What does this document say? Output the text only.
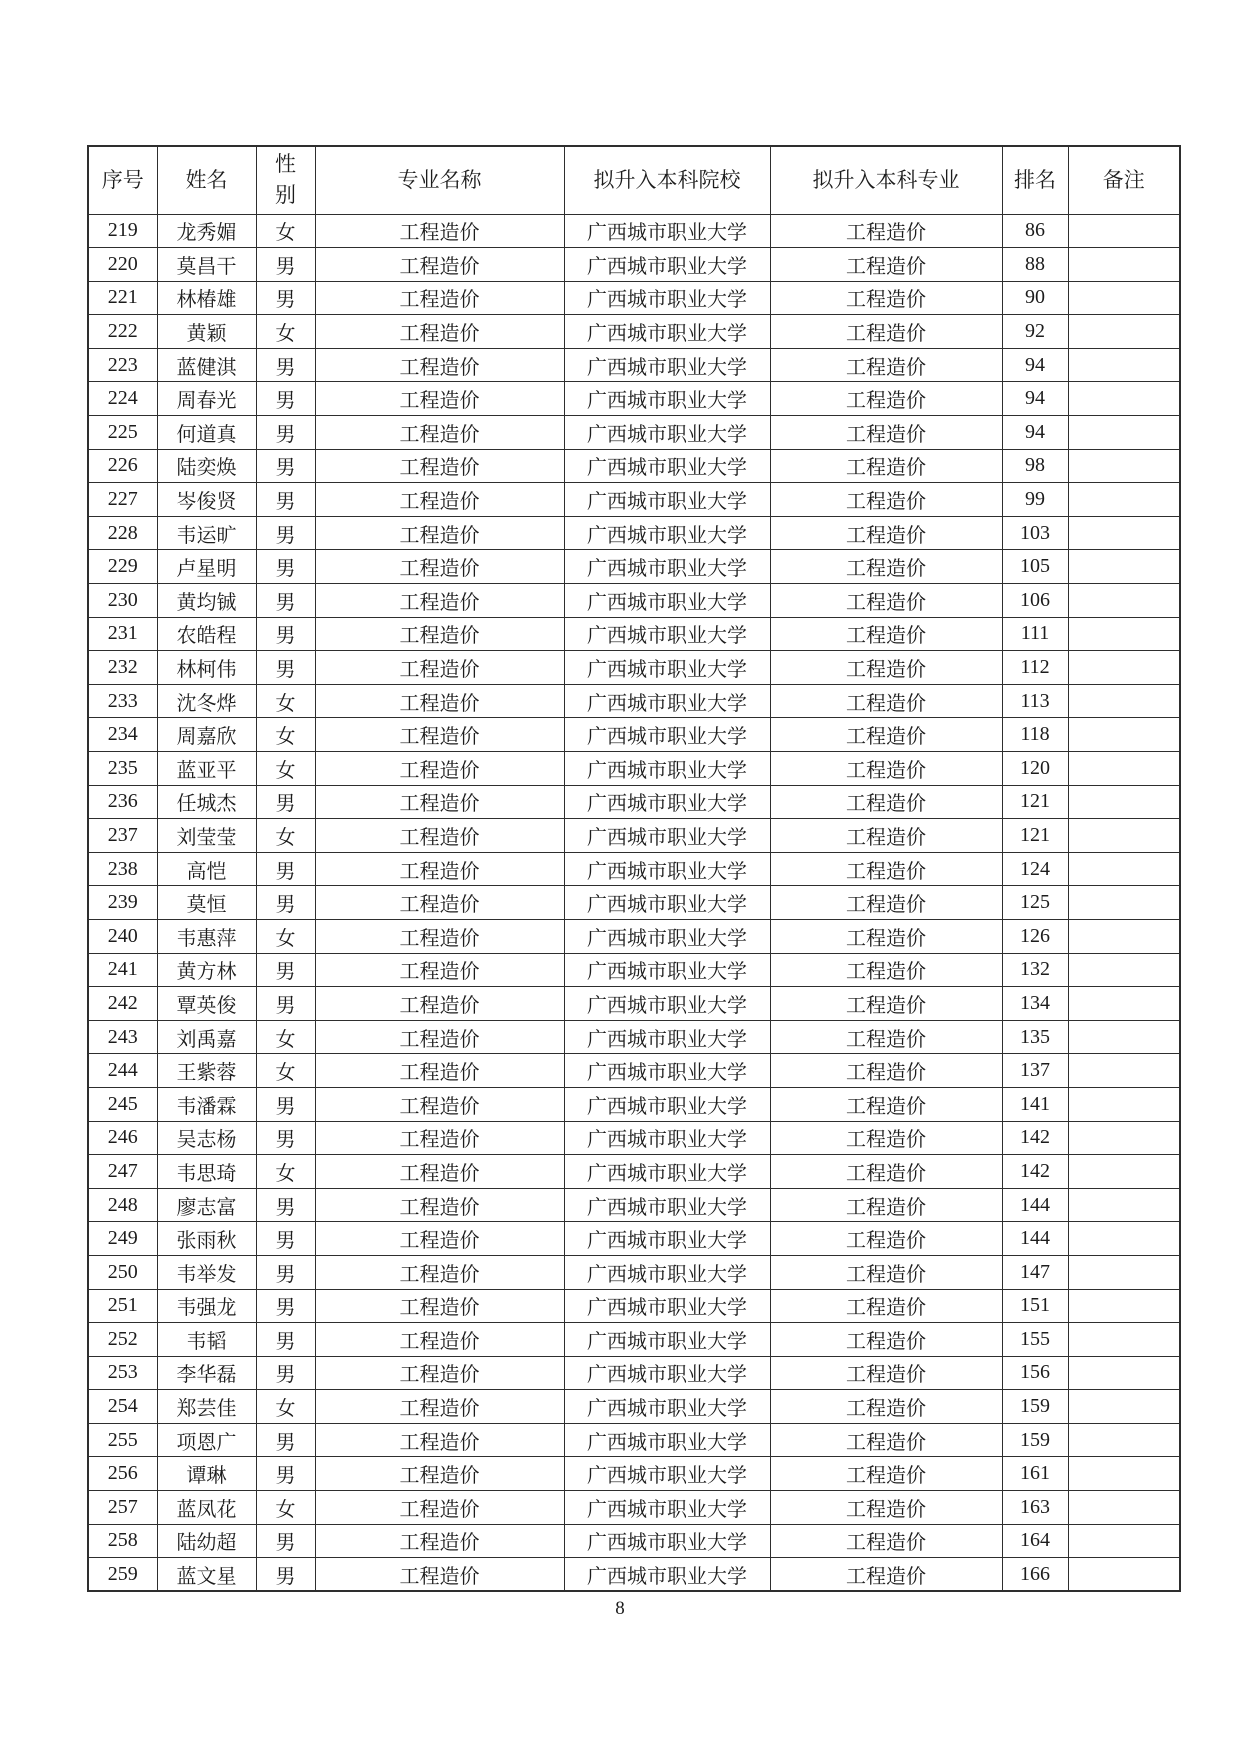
序号	姓名	性别	专业名称	拟升入本科院校	拟升入本科专业	排名	备注
219	龙秀媚	女	工程造价	广西城市职业大学	工程造价	86	
220	莫昌干	男	工程造价	广西城市职业大学	工程造价	88	
221	林椿雄	男	工程造价	广西城市职业大学	工程造价	90	
222	黄颖	女	工程造价	广西城市职业大学	工程造价	92	
223	蓝健淇	男	工程造价	广西城市职业大学	工程造价	94	
224	周春光	男	工程造价	广西城市职业大学	工程造价	94	
225	何道真	男	工程造价	广西城市职业大学	工程造价	94	
226	陆奕焕	男	工程造价	广西城市职业大学	工程造价	98	
227	岑俊贤	男	工程造价	广西城市职业大学	工程造价	99	
228	韦运旷	男	工程造价	广西城市职业大学	工程造价	103	
229	卢星明	男	工程造价	广西城市职业大学	工程造价	105	
230	黄均铖	男	工程造价	广西城市职业大学	工程造价	106	
231	农皓程	男	工程造价	广西城市职业大学	工程造价	111	
232	林柯伟	男	工程造价	广西城市职业大学	工程造价	112	
233	沈冬烨	女	工程造价	广西城市职业大学	工程造价	113	
234	周嘉欣	女	工程造价	广西城市职业大学	工程造价	118	
235	蓝亚平	女	工程造价	广西城市职业大学	工程造价	120	
236	任城杰	男	工程造价	广西城市职业大学	工程造价	121	
237	刘莹莹	女	工程造价	广西城市职业大学	工程造价	121	
238	高恺	男	工程造价	广西城市职业大学	工程造价	124	
239	莫恒	男	工程造价	广西城市职业大学	工程造价	125	
240	韦惠萍	女	工程造价	广西城市职业大学	工程造价	126	
241	黄方林	男	工程造价	广西城市职业大学	工程造价	132	
242	覃英俊	男	工程造价	广西城市职业大学	工程造价	134	
243	刘禹嘉	女	工程造价	广西城市职业大学	工程造价	135	
244	王紫蓉	女	工程造价	广西城市职业大学	工程造价	137	
245	韦潘霖	男	工程造价	广西城市职业大学	工程造价	141	
246	吴志杨	男	工程造价	广西城市职业大学	工程造价	142	
247	韦思琦	女	工程造价	广西城市职业大学	工程造价	142	
248	廖志富	男	工程造价	广西城市职业大学	工程造价	144	
249	张雨秋	男	工程造价	广西城市职业大学	工程造价	144	
250	韦举发	男	工程造价	广西城市职业大学	工程造价	147	
251	韦强龙	男	工程造价	广西城市职业大学	工程造价	151	
252	韦韬	男	工程造价	广西城市职业大学	工程造价	155	
253	李华磊	男	工程造价	广西城市职业大学	工程造价	156	
254	郑芸佳	女	工程造价	广西城市职业大学	工程造价	159	
255	项恩广	男	工程造价	广西城市职业大学	工程造价	159	
256	谭琳	男	工程造价	广西城市职业大学	工程造价	161	
257	蓝凤花	女	工程造价	广西城市职业大学	工程造价	163	
258	陆幼超	男	工程造价	广西城市职业大学	工程造价	164	
259	蓝文星	男	工程造价	广西城市职业大学	工程造价	166	
8
